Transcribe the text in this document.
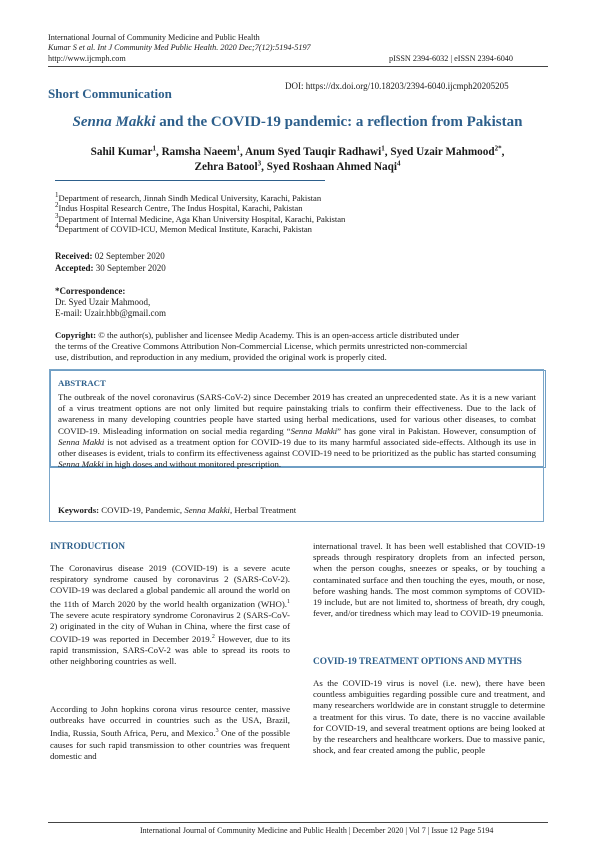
International Journal of Community Medicine and Public Health
Kumar S et al. Int J Community Med Public Health. 2020 Dec;7(12):5194-5197
http://www.ijcmph.com	pISSN 2394-6032 | eISSN 2394-6040
DOI: https://dx.doi.org/10.18203/2394-6040.ijcmph20205205
Short Communication
Senna Makki and the COVID-19 pandemic: a reflection from Pakistan
Sahil Kumar$^1$, Ramsha Naeem$^1$, Anum Syed Tauqir Radhawi$^1$, Syed Uzair Mahmood$^{2*}$,
Zehra Batool$^3$, Syed Roshaan Ahmed Naqi$^4$
$^1$Department of research, Jinnah Sindh Medical University, Karachi, Pakistan
$^2$Indus Hospital Research Centre, The Indus Hospital, Karachi, Pakistan
$^3$Department of Internal Medicine, Aga Khan University Hospital, Karachi, Pakistan
$^4$Department of COVID-ICU, Memon Medical Institute, Karachi, Pakistan
Received: 02 September 2020
Accepted: 30 September 2020
*Correspondence:
Dr. Syed Uzair Mahmood,
E-mail: Uzair.hbb@gmail.com
Copyright: © the author(s), publisher and licensee Medip Academy. This is an open-access article distributed under
the terms of the Creative Commons Attribution Non-Commercial License, which permits unrestricted non-commercial
use, distribution, and reproduction in any medium, provided the original work is properly cited.
ABSTRACT
The outbreak of the novel coronavirus (SARS-CoV-2) since December 2019 has created an unprecedented state. As it is a new variant of a virus treatment options are not only limited but require painstaking trials to confirm their effectiveness. Due to the lack of awareness in many developing countries people have started using herbal medications, used for various other diseases, to combat COVID-19. Misleading information on social media regarding “Senna Makki” has gone viral in Pakistan. However, consumption of Senna Makki is not advised as a treatment option for COVID-19 due to its many harmful associated side-effects. Although its use in other diseases is evident, trials to confirm its effectiveness against COVID-19 need to be prioritized as the public has started consuming Senna Makki in high doses and without monitored prescription.
Keywords: COVID-19, Pandemic, Senna Makki, Herbal Treatment
INTRODUCTION
The Coronavirus disease 2019 (COVID-19) is a severe acute respiratory syndrome caused by coronavirus 2 (SARS-CoV-2). COVID-19 was declared a global pandemic all around the world on the 11th of March 2020 by the world health organization (WHO).$^1$ The severe acute respiratory syndrome Coronavirus 2 (SARS-CoV-2) originated in the city of Wuhan in China, where the first case of COVID-19 was reported in December 2019.$^2$ However, due to its rapid transmission, SARS-CoV-2 was able to spread its roots to other neighboring countries as well.
According to John hopkins corona virus resource center, massive outbreaks have occurred in countries such as the USA, Brazil, India, Russia, South Africa, Peru, and Mexico.$^3$ One of the possible causes for such rapid transmission to other countries was frequent domestic and
international travel. It has been well established that COVID-19 spreads through respiratory droplets from an infected person, when the person coughs, sneezes or speaks, or by touching a contaminated surface and then touching the eyes, mouth, or nose, before washing hands. The most common symptoms of COVID-19 include, but are not limited to, shortness of breath, dry cough, fever, and/or tiredness which may lead to COVID-19 pneumonia.
COVID-19 TREATMENT OPTIONS AND MYTHS
As the COVID-19 virus is novel (i.e. new), there have been countless ambiguities regarding possible cure and treatment, and many researchers worldwide are in constant struggle to determine a treatment for this virus. To date, there is no vaccine available for COVID-19, and several treatment options are being looked at by the researchers and healthcare workers. Due to massive panic, shock, and fear created among the public, people
International Journal of Community Medicine and Public Health | December 2020 | Vol 7 | Issue 12 Page 5194
